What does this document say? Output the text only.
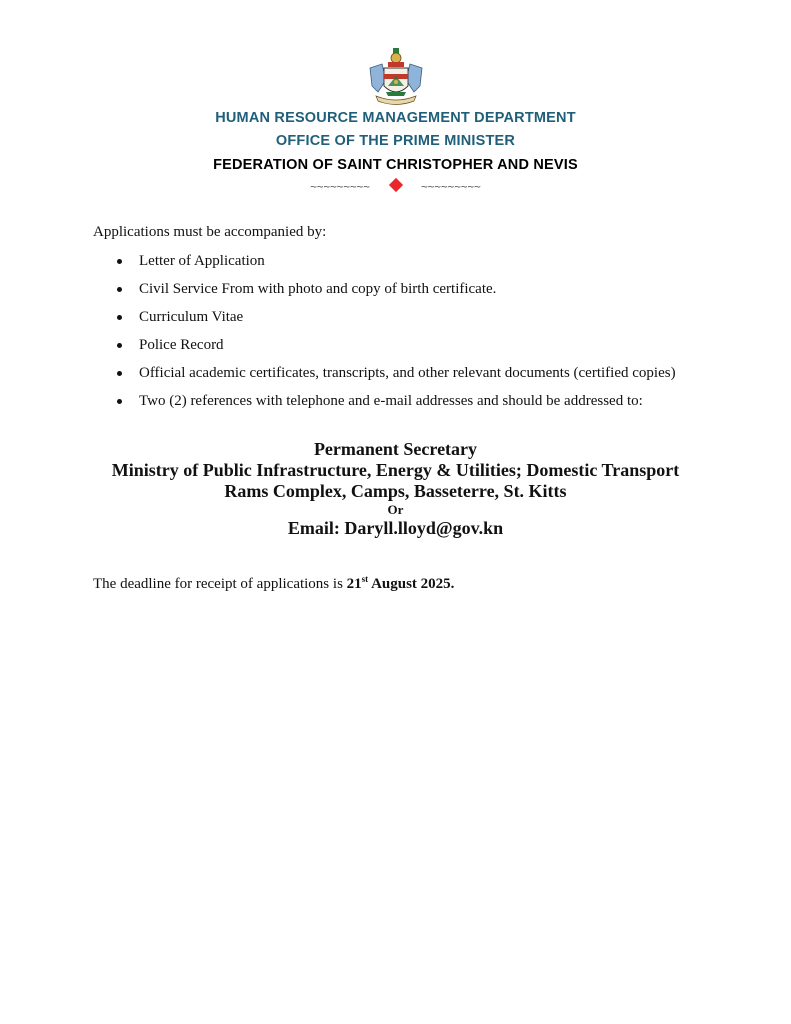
HUMAN RESOURCE MANAGEMENT DEPARTMENT
OFFICE OF THE PRIME MINISTER
FEDERATION OF SAINT CHRISTOPHER AND NEVIS
~~~~~~~~~	~~~~~~~~~
Applications must be accompanied by:
Letter of Application
Civil Service From with photo and copy of birth certificate.
Curriculum Vitae
Police Record
Official academic certificates, transcripts, and other relevant documents (certified copies)
Two (2) references with telephone and e-mail addresses and should be addressed to:
Permanent Secretary
Ministry of Public Infrastructure, Energy & Utilities; Domestic Transport
Rams Complex, Camps, Basseterre, St. Kitts
Or
Email: Daryll.lloyd@gov.kn
The deadline for receipt of applications is 21st August 2025.
